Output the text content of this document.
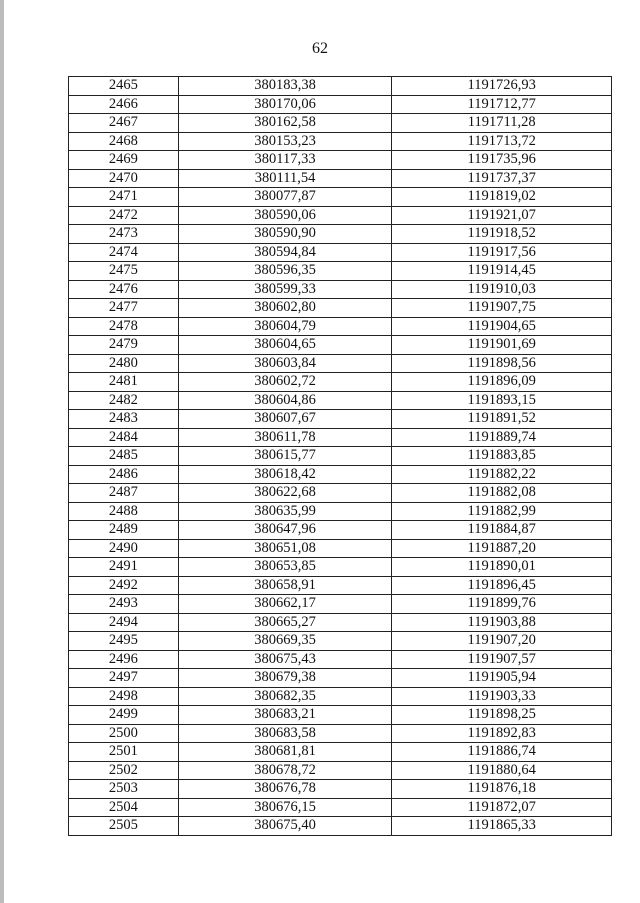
62
2465	380183,38	1191726,93
2466	380170,06	1191712,77
2467	380162,58	1191711,28
2468	380153,23	1191713,72
2469	380117,33	1191735,96
2470	380111,54	1191737,37
2471	380077,87	1191819,02
2472	380590,06	1191921,07
2473	380590,90	1191918,52
2474	380594,84	1191917,56
2475	380596,35	1191914,45
2476	380599,33	1191910,03
2477	380602,80	1191907,75
2478	380604,79	1191904,65
2479	380604,65	1191901,69
2480	380603,84	1191898,56
2481	380602,72	1191896,09
2482	380604,86	1191893,15
2483	380607,67	1191891,52
2484	380611,78	1191889,74
2485	380615,77	1191883,85
2486	380618,42	1191882,22
2487	380622,68	1191882,08
2488	380635,99	1191882,99
2489	380647,96	1191884,87
2490	380651,08	1191887,20
2491	380653,85	1191890,01
2492	380658,91	1191896,45
2493	380662,17	1191899,76
2494	380665,27	1191903,88
2495	380669,35	1191907,20
2496	380675,43	1191907,57
2497	380679,38	1191905,94
2498	380682,35	1191903,33
2499	380683,21	1191898,25
2500	380683,58	1191892,83
2501	380681,81	1191886,74
2502	380678,72	1191880,64
2503	380676,78	1191876,18
2504	380676,15	1191872,07
2505	380675,40	1191865,33
